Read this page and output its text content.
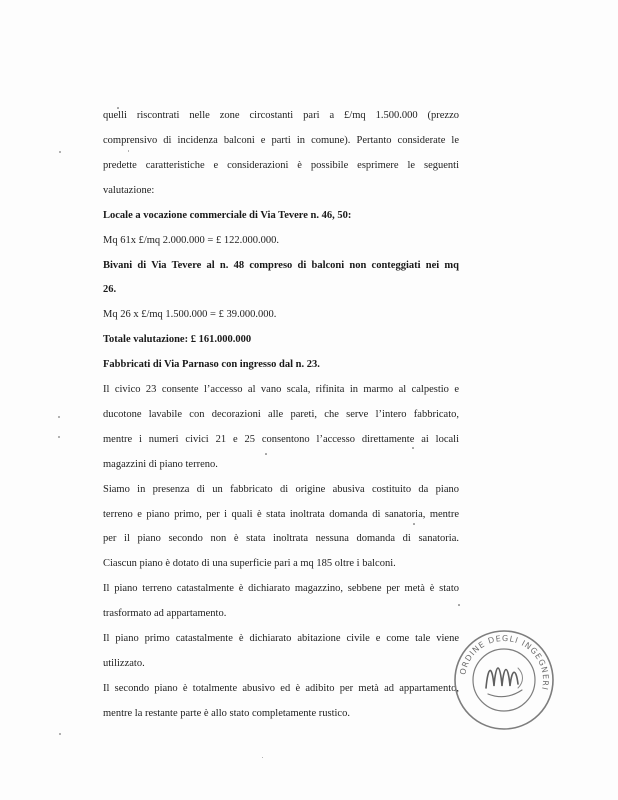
quelli riscontrati nelle zone circostanti pari a £/mq 1.500.000 (prezzo
comprensivo di incidenza balconi e parti in comune). Pertanto considerate le
predette caratteristiche e considerazioni è possibile esprimere le seguenti
valutazione:
Locale a vocazione commerciale di Via Tevere n. 46, 50:
Mq 61x £/mq 2.000.000 = £ 122.000.000.
Bivani di Via Tevere al n. 48 compreso di balconi non conteggiati nei mq
26.
Mq 26 x £/mq 1.500.000 = £ 39.000.000.
Totale valutazione: £ 161.000.000
Fabbricati di Via Parnaso con ingresso dal n. 23.
Il civico 23 consente l’accesso al vano scala, rifinita in marmo al calpestio e
ducotone lavabile con decorazioni alle pareti, che serve l’intero fabbricato,
mentre i numeri civici 21 e 25 consentono l’accesso direttamente ai locali
magazzini di piano terreno.
Siamo in presenza di un fabbricato di origine abusiva costituito da piano
terreno e piano primo, per i quali è stata inoltrata domanda di sanatoria, mentre
per il piano secondo non è stata inoltrata nessuna domanda di sanatoria.
Ciascun piano è dotato di una superficie pari a mq 185 oltre i balconi.
Il piano terreno catastalmente è dichiarato magazzino, sebbene per metà è stato
trasformato ad appartamento.
Il piano primo catastalmente è dichiarato abitazione civile e come tale viene
utilizzato.
Il secondo piano è totalmente abusivo ed è adibito per metà ad appartamento,
mentre la restante parte è allo stato completamente rustico.
ORDINE DEGLI INGEGNERI
